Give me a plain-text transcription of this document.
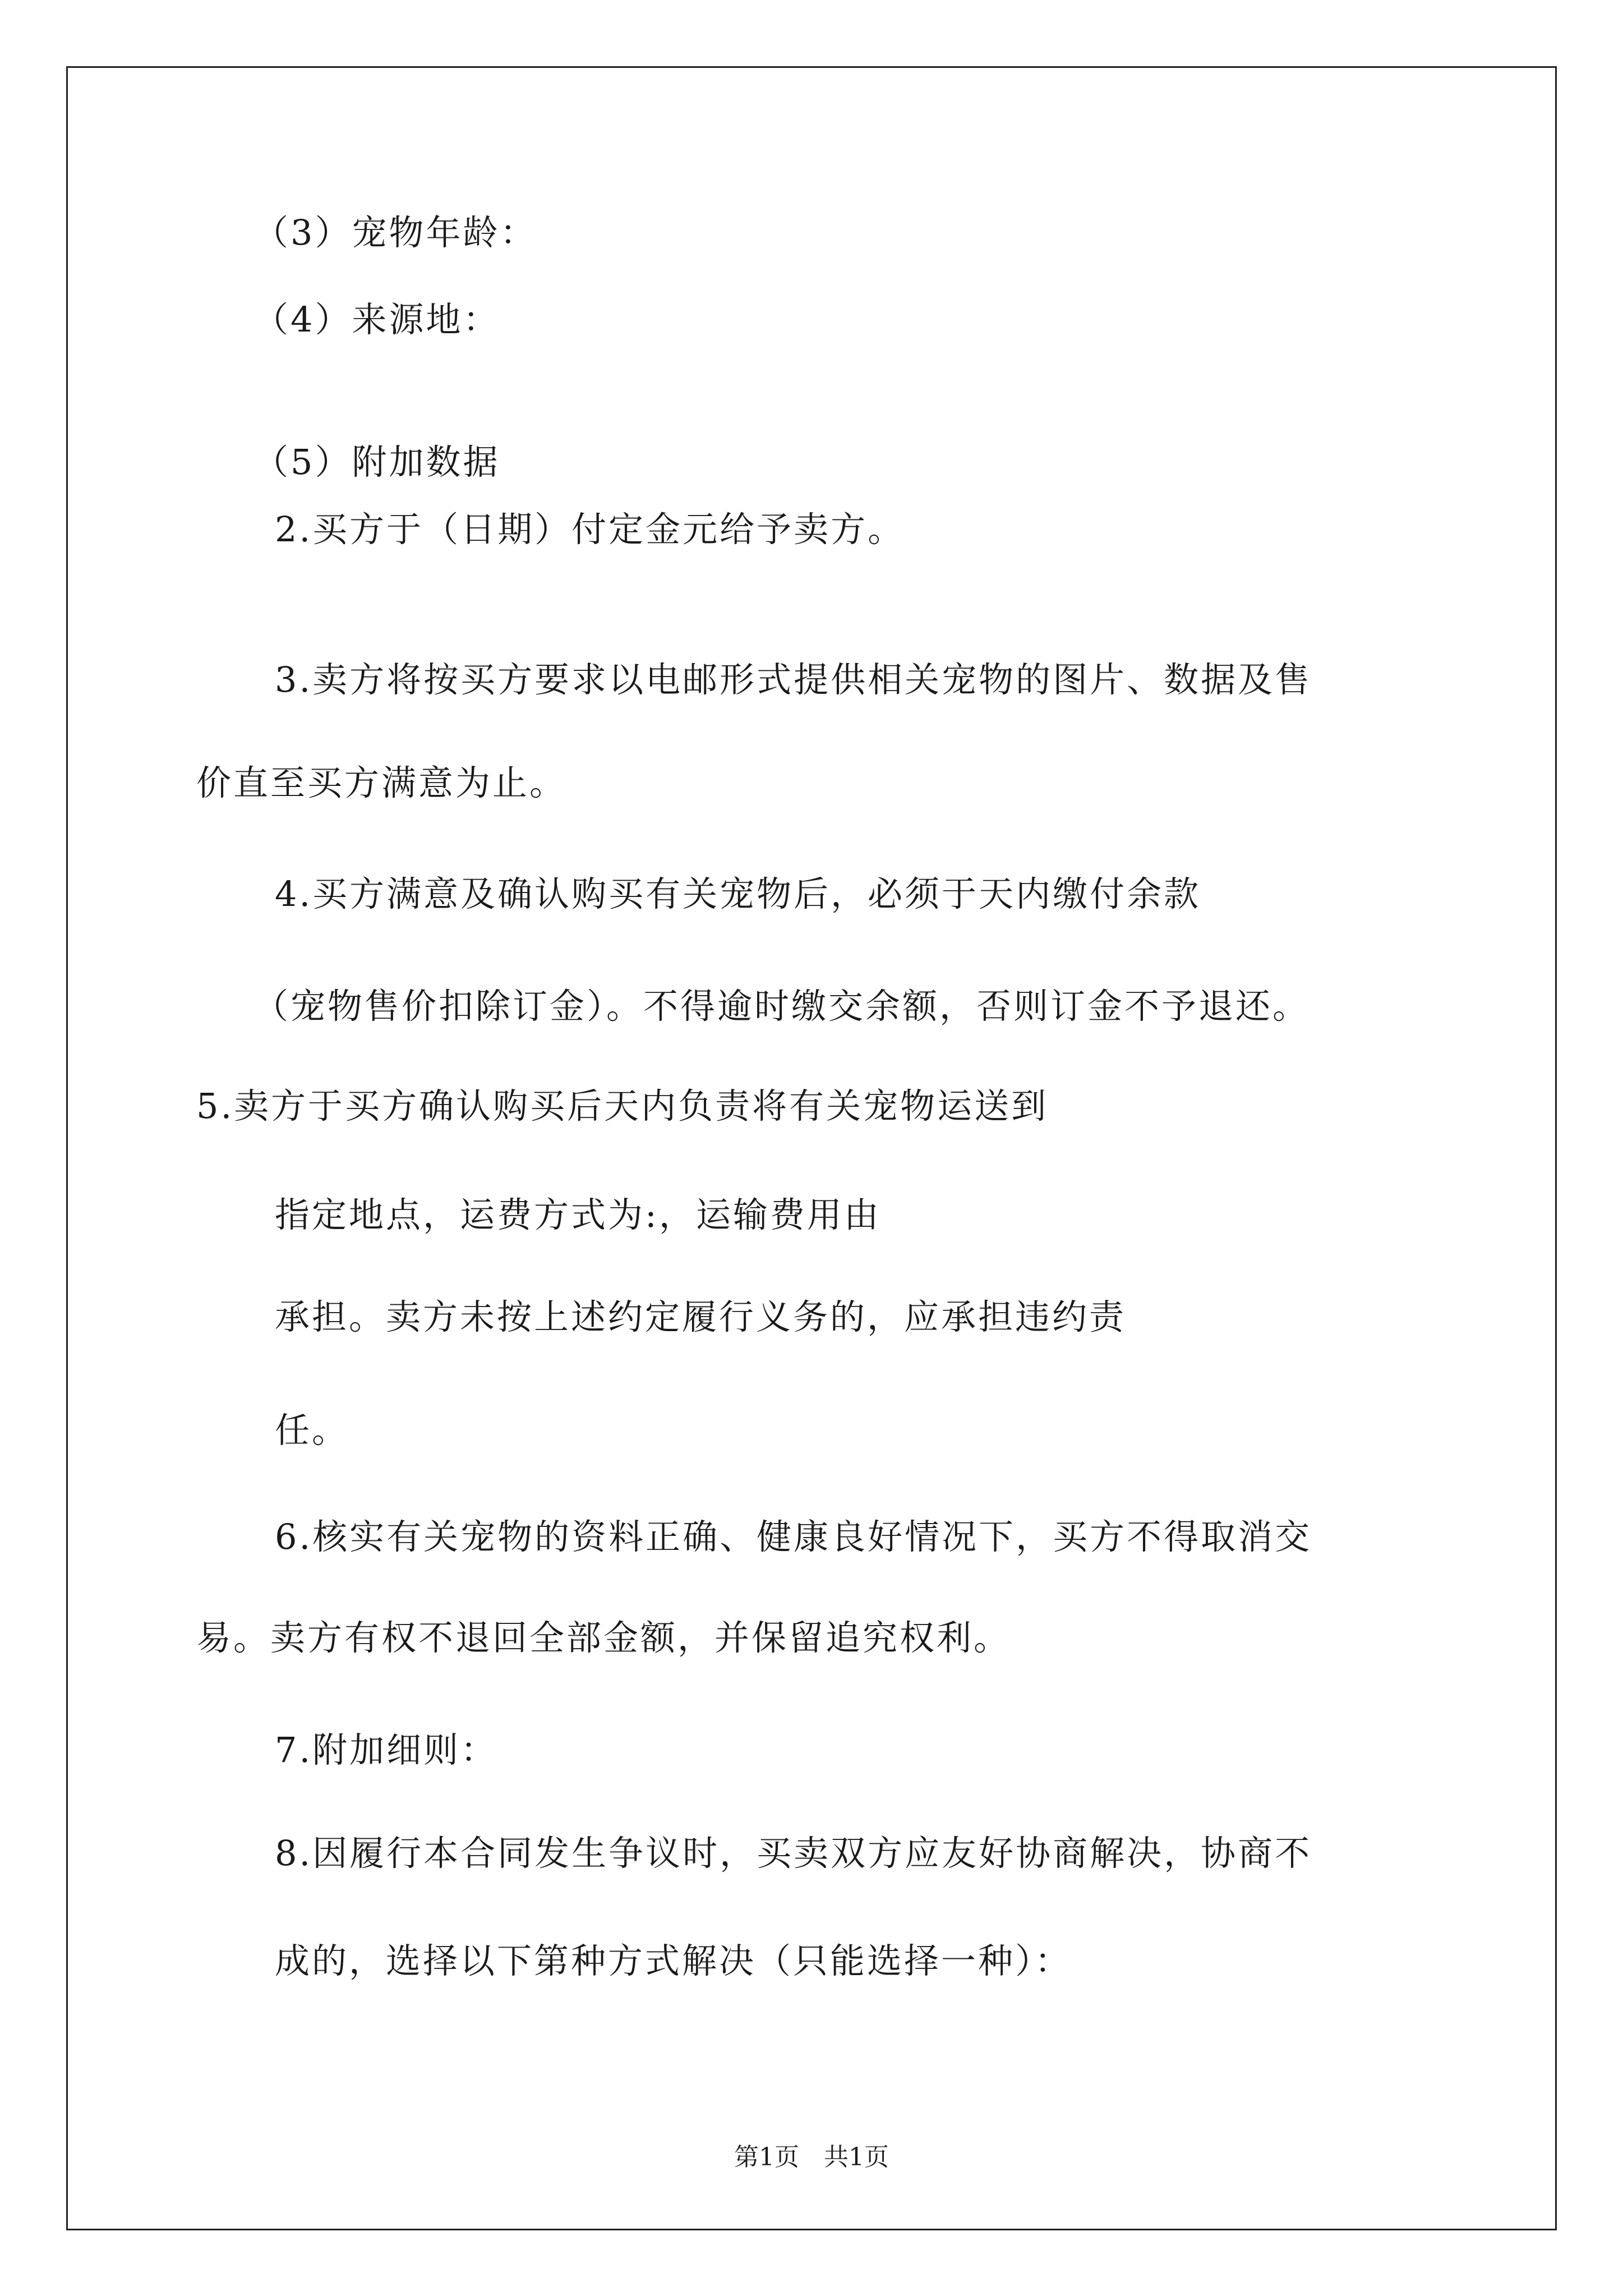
（3）宠物年龄：
（4）来源地：
（5）附加数据
2.买方于（日期）付定金元给予卖方。
3.卖方将按买方要求以电邮形式提供相关宠物的图片、数据及售
价直至买方满意为止。
4.买方满意及确认购买有关宠物后，必须于天内缴付余款
（宠物售价扣除订金）。不得逾时缴交余额，否则订金不予退还。
5.卖方于买方确认购买后天内负责将有关宠物运送到
指定地点，运费方式为:，运输费用由
承担。卖方未按上述约定履行义务的，应承担违约责
任。
6.核实有关宠物的资料正确、健康良好情况下，买方不得取消交
易。卖方有权不退回全部金额，并保留追究权利。
7.附加细则：
8.因履行本合同发生争议时，买卖双方应友好协商解决，协商不
成的，选择以下第种方式解决（只能选择一种）：
第1页　共1页
